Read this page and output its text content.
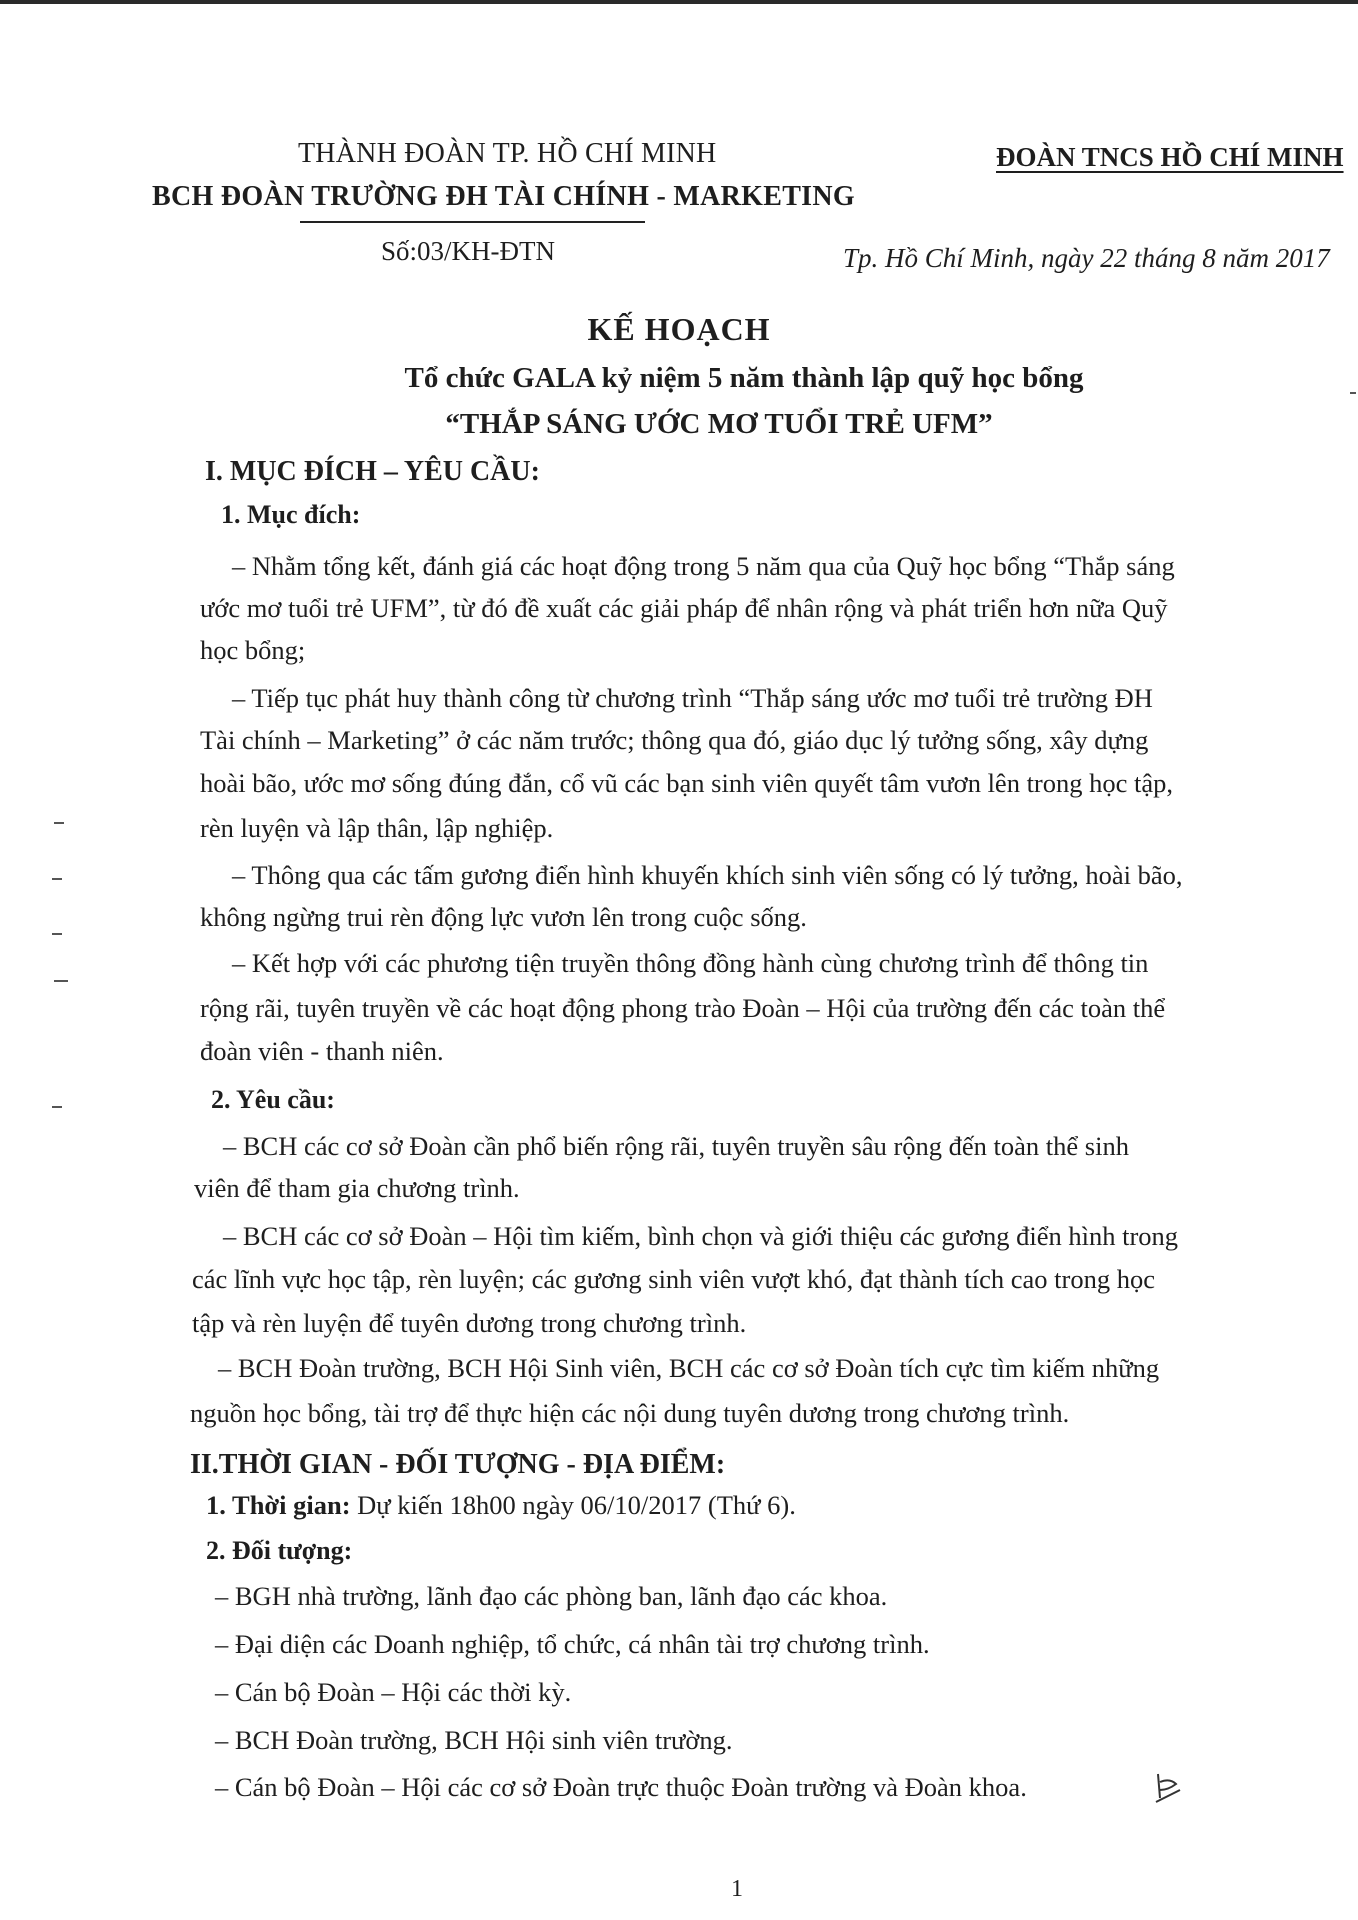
THÀNH ĐOÀN TP. HỒ CHÍ MINH
BCH ĐOÀN TRƯỜNG ĐH TÀI CHÍNH - MARKETING
ĐOÀN TNCS HỒ CHÍ MINH
Số:03/KH-ĐTN	Tp. Hồ Chí Minh, ngày 22 tháng 8 năm 2017
KẾ HOẠCH
Tổ chức GALA kỷ niệm 5 năm thành lập quỹ học bổng
“THẮP SÁNG ƯỚC MƠ TUỔI TRẺ UFM”
I. MỤC ĐÍCH – YÊU CẦU:
1. Mục đích:
– Nhằm tổng kết, đánh giá các hoạt động trong 5 năm qua của Quỹ học bổng “Thắp sáng
ước mơ tuổi trẻ UFM”, từ đó đề xuất các giải pháp để nhân rộng và phát triển hơn nữa Quỹ
học bổng;
– Tiếp tục phát huy thành công từ chương trình “Thắp sáng ước mơ tuổi trẻ trường ĐH
Tài chính – Marketing” ở các năm trước; thông qua đó, giáo dục lý tưởng sống, xây dựng
hoài bão, ước mơ sống đúng đắn, cổ vũ các bạn sinh viên quyết tâm vươn lên trong học tập,
rèn luyện và lập thân, lập nghiệp.
– Thông qua các tấm gương điển hình khuyến khích sinh viên sống có lý tưởng, hoài bão,
không ngừng trui rèn động lực vươn lên trong cuộc sống.
– Kết hợp với các phương tiện truyền thông đồng hành cùng chương trình để thông tin
rộng rãi, tuyên truyền về các hoạt động phong trào Đoàn – Hội của trường đến các toàn thể
đoàn viên - thanh niên.
2. Yêu cầu:
– BCH các cơ sở Đoàn cần phổ biến rộng rãi, tuyên truyền sâu rộng đến toàn thể sinh
viên để tham gia chương trình.
– BCH các cơ sở Đoàn – Hội tìm kiếm, bình chọn và giới thiệu các gương điển hình trong
các lĩnh vực học tập, rèn luyện; các gương sinh viên vượt khó, đạt thành tích cao trong học
tập và rèn luyện để tuyên dương trong chương trình.
– BCH Đoàn trường, BCH Hội Sinh viên, BCH các cơ sở Đoàn tích cực tìm kiếm những
nguồn học bổng, tài trợ để thực hiện các nội dung tuyên dương trong chương trình.
II.THỜI GIAN - ĐỐI TƯỢNG - ĐỊA ĐIỂM:
1. Thời gian: Dự kiến 18h00 ngày 06/10/2017 (Thứ 6).
2. Đối tượng:
– BGH nhà trường, lãnh đạo các phòng ban, lãnh đạo các khoa.
– Đại diện các Doanh nghiệp, tổ chức, cá nhân tài trợ chương trình.
– Cán bộ Đoàn – Hội các thời kỳ.
– BCH Đoàn trường, BCH Hội sinh viên trường.
– Cán bộ Đoàn – Hội các cơ sở Đoàn trực thuộc Đoàn trường và Đoàn khoa.
1
